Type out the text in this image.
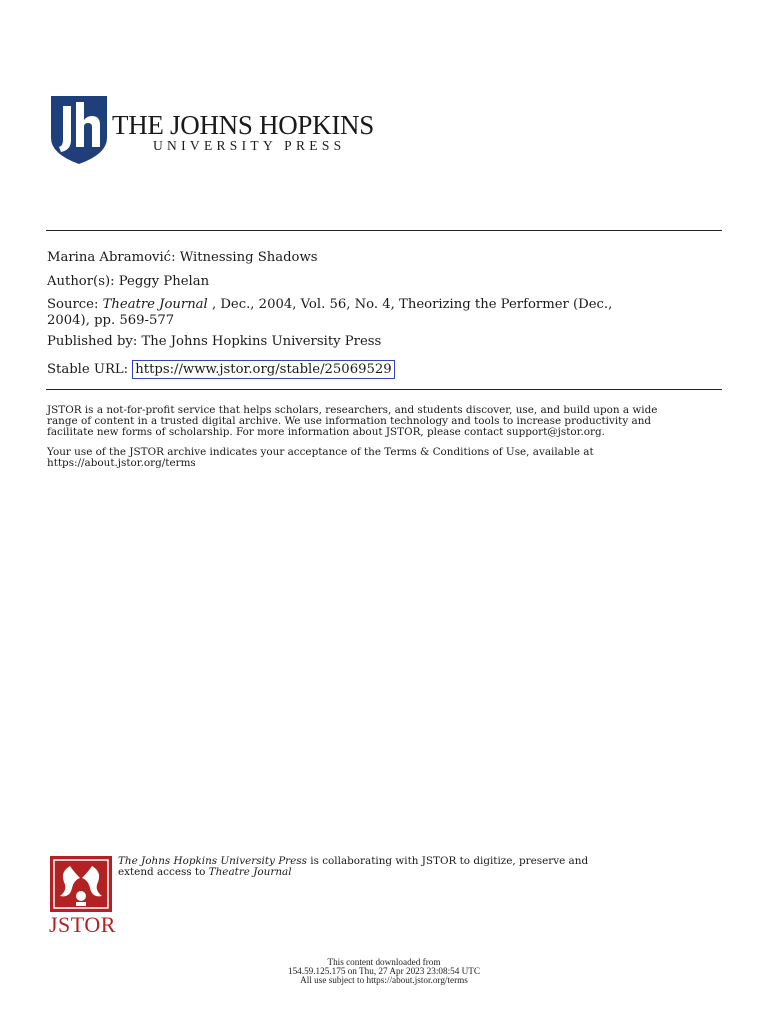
THE JOHNS HOPKINS
UNIVERSITY PRESS
Marina Abramović: Witnessing Shadows
Author(s): Peggy Phelan
Source: Theatre Journal , Dec., 2004, Vol. 56, No. 4, Theorizing the Performer (Dec.,
2004), pp. 569-577
Published by: The Johns Hopkins University Press
Stable URL: https://www.jstor.org/stable/25069529
JSTOR is a not-for-profit service that helps scholars, researchers, and students discover, use, and build upon a wide
range of content in a trusted digital archive. We use information technology and tools to increase productivity and
facilitate new forms of scholarship. For more information about JSTOR, please contact support@jstor.org.
Your use of the JSTOR archive indicates your acceptance of the Terms & Conditions of Use, available at
https://about.jstor.org/terms
JSTOR
The Johns Hopkins University Press is collaborating with JSTOR to digitize, preserve and
extend access to Theatre Journal
This content downloaded from
154.59.125.175 on Thu, 27 Apr 2023 23:08:54 UTC
All use subject to https://about.jstor.org/terms
